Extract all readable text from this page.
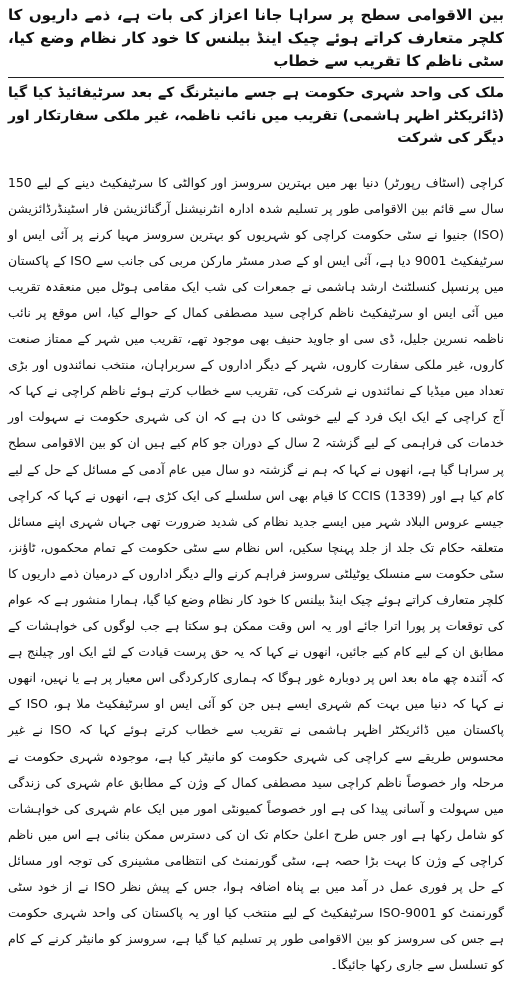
بین الاقوامی سطح پر سراہا جانا اعزاز کی بات ہے، ذمے داریوں کا کلچر متعارف کراتے ہوئے چیک اینڈ بیلنس کا خود کار نظام وضع کیا، سٹی ناظم کا تقریب سے خطاب

ملک کی واحد شہری حکومت ہے جسے مانیٹرنگ کے بعد سرٹیفائیڈ کیا گیا (ڈائریکٹر اظہر ہاشمی) تقریب میں نائب ناظمہ، غیر ملکی سفارتکار اور دیگر کی شرکت

کراچی (اسٹاف رپورٹر) دنیا بھر میں بہترین سروسز اور کوالٹی کا سرٹیفکیٹ دینے کے لیے 150 سال سے قائم بین الاقوامی طور پر تسلیم شدہ ادارہ انٹرنیشنل آرگنائزیشن فار اسٹینڈرڈائزیشن (ISO) جنیوا نے سٹی حکومت کراچی کو شہریوں کو بہترین سروسز مہیا کرنے پر آئی ایس او سرٹیفکیٹ 9001 دیا ہے، آئی ایس او کے صدر مسٹر مارکن مربی کی جانب سے ISO کے پاکستان میں پرنسپل کنسلٹنٹ ارشد ہاشمی نے جمعرات کی شب ایک مقامی ہوٹل میں منعقدہ تقریب میں آئی ایس او سرٹیفکیٹ ناظم کراچی سید مصطفی کمال کے حوالے کیا، اس موقع پر نائب ناظمہ نسرین جلیل، ڈی سی او جاوید حنیف بھی موجود تھے، تقریب میں شہر کے ممتاز صنعت کاروں، غیر ملکی سفارت کاروں، شہر کے دیگر اداروں کے سربراہان، منتخب نمائندوں اور بڑی تعداد میں میڈیا کے نمائندوں نے شرکت کی، تقریب سے خطاب کرتے ہوئے ناظم کراچی نے کہا کہ آج کراچی کے ایک ایک فرد کے لیے خوشی کا دن ہے کہ ان کی شہری حکومت نے سہولت اور خدمات کی فراہمی کے لیے گزشتہ 2 سال کے دوران جو کام کیے ہیں ان کو بین الاقوامی سطح پر سراہا گیا ہے، انھوں نے کہا کہ ہم نے گزشتہ دو سال میں عام آدمی کے مسائل کے حل کے لیے کام کیا ہے اور CCIS (1339) کا قیام بھی اس سلسلے کی ایک کڑی ہے، انھوں نے کہا کہ کراچی جیسے عروس البلاد شہر میں ایسے جدید نظام کی شدید ضرورت تھی جہاں شہری اپنے مسائل متعلقہ حکام تک جلد از جلد پہنچا سکیں، اس نظام سے سٹی حکومت کے تمام محکموں، ٹاؤنز، سٹی حکومت سے منسلک یوٹیلٹی سروسز فراہم کرنے والے دیگر اداروں کے درمیان ذمے داریوں کا کلچر متعارف کراتے ہوئے چیک اینڈ بیلنس کا خود کار نظام وضع کیا گیا، ہمارا منشور ہے کہ عوام کی توقعات پر پورا اترا جائے اور یہ اس وقت ممکن ہو سکتا ہے جب لوگوں کی خواہشات کے مطابق ان کے لیے کام کیے جائیں، انھوں نے کہا کہ یہ حق پرست قیادت کے لئے ایک اور چیلنج ہے کہ آئندہ چھ ماہ بعد اس پر دوبارہ غور ہوگا کہ ہماری کارکردگی اس معیار پر ہے یا نہیں، انھوں نے کہا کہ دنیا میں بہت کم شہری ایسے ہیں جن کو آئی ایس او سرٹیفکیٹ ملا ہو، ISO کے پاکستان میں ڈائریکٹر اظہر ہاشمی نے تقریب سے خطاب کرتے ہوئے کہا کہ ISO نے غیر محسوس طریقے سے کراچی کی شہری حکومت کو مانیٹر کیا ہے، موجودہ شہری حکومت نے مرحلہ وار خصوصاً ناظم کراچی سید مصطفی کمال کے وژن کے مطابق عام شہری کی زندگی میں سہولت و آسانی پیدا کی ہے اور خصوصاً کمیونٹی امور میں ایک عام شہری کی خواہشات کو شامل رکھا ہے اور جس طرح اعلیٰ حکام تک ان کی دسترس ممکن بنائی ہے اس میں ناظم کراچی کے وژن کا بہت بڑا حصہ ہے، سٹی گورنمنٹ کی انتظامی مشینری کی توجہ اور مسائل کے حل پر فوری عمل در آمد میں بے پناہ اضافہ ہوا، جس کے پیش نظر ISO نے از خود سٹی گورنمنٹ کو ISO-9001 سرٹیفکیٹ کے لیے منتخب کیا اور یہ پاکستان کی واحد شہری حکومت ہے جس کی سروسز کو بین الاقوامی طور پر تسلیم کیا گیا ہے، سروسز کو مانیٹر کرنے کے کام کو تسلسل سے جاری رکھا جائیگا۔
